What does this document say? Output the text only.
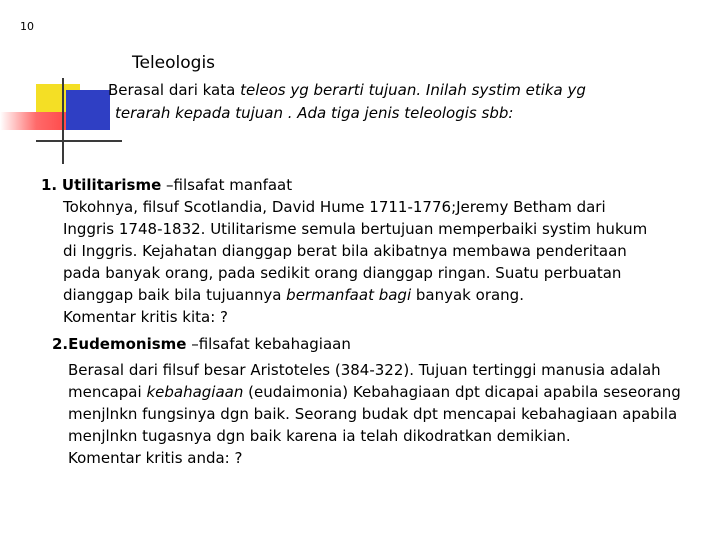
10
Teleologis

Berasal dari kata teleos yg berarti tujuan. Inilah systim etika yg
terarah kepada tujuan . Ada tiga jenis teleologis sbb:

1. Utilitarisme –filsafat manfaat
Tokohnya, filsuf Scotlandia, David Hume 1711-1776;Jeremy Betham dari
Inggris 1748-1832. Utilitarisme semula bertujuan memperbaiki systim hukum
di Inggris. Kejahatan dianggap berat bila akibatnya membawa penderitaan
pada banyak orang, pada sedikit orang dianggap ringan. Suatu perbuatan
dianggap baik bila tujuannya bermanfaat bagi banyak orang.
Komentar kritis kita: ?
2.Eudemonisme –filsafat kebahagiaan
Berasal dari filsuf besar Aristoteles (384-322). Tujuan tertinggi manusia adalah
mencapai kebahagiaan (eudaimonia) Kebahagiaan dpt dicapai apabila seseorang
menjlnkn fungsinya dgn baik. Seorang budak dpt mencapai kebahagiaan apabila
menjlnkn tugasnya dgn baik karena ia telah dikodratkan demikian.
Komentar kritis anda: ?
